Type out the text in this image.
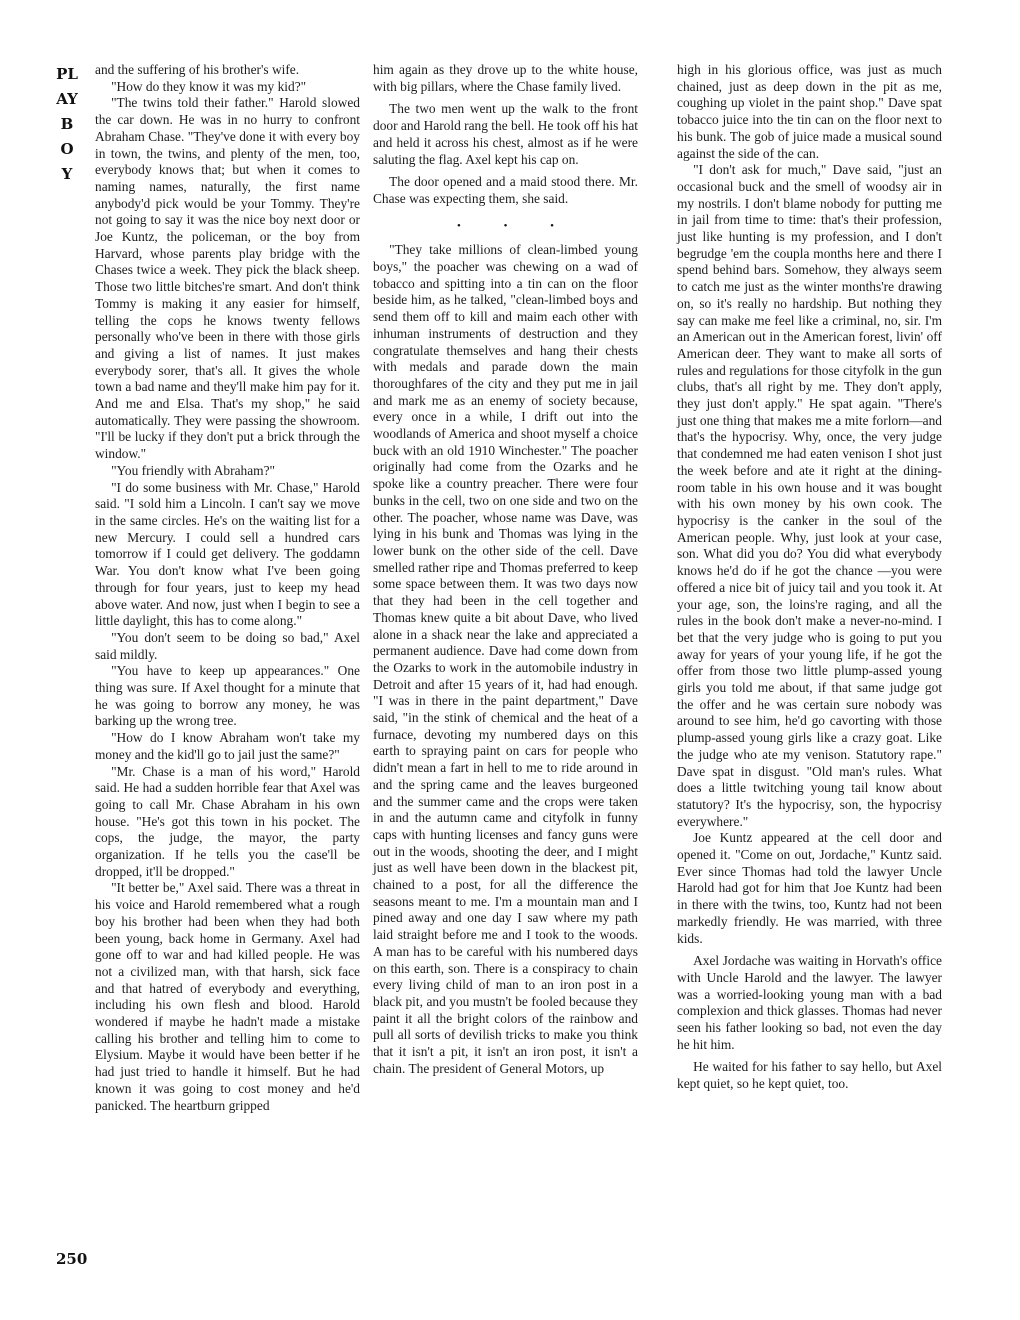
PLAYBOY
250

and the suffering of his brother's wife.

"How do they know it was my kid?"

"The twins told their father." Harold slowed the car down. He was in no hurry to confront Abraham Chase. "They've done it with every boy in town, the twins, and plenty of the men, too, everybody knows that; but when it comes to naming names, naturally, the first name anybody'd pick would be your Tommy. They're not going to say it was the nice boy next door or Joe Kuntz, the policeman, or the boy from Harvard, whose parents play bridge with the Chases twice a week. They pick the black sheep. Those two little bitches're smart. And don't think Tommy is making it any easier for himself, telling the cops he knows twenty fellows personally who've been in there with those girls and giving a list of names. It just makes everybody sorer, that's all. It gives the whole town a bad name and they'll make him pay for it. And me and Elsa. That's my shop," he said automatically. They were passing the showroom. "I'll be lucky if they don't put a brick through the window."

"You friendly with Abraham?"

"I do some business with Mr. Chase," Harold said. "I sold him a Lincoln. I can't say we move in the same circles. He's on the waiting list for a new Mercury. I could sell a hundred cars tomorrow if I could get delivery. The goddamn War. You don't know what I've been going through for four years, just to keep my head above water. And now, just when I begin to see a little daylight, this has to come along."

"You don't seem to be doing so bad," Axel said mildly.

"You have to keep up appearances." One thing was sure. If Axel thought for a minute that he was going to borrow any money, he was barking up the wrong tree.

"How do I know Abraham won't take my money and the kid'll go to jail just the same?"

"Mr. Chase is a man of his word," Harold said. He had a sudden horrible fear that Axel was going to call Mr. Chase Abraham in his own house. "He's got this town in his pocket. The cops, the judge, the mayor, the party organization. If he tells you the case'll be dropped, it'll be dropped."

"It better be," Axel said. There was a threat in his voice and Harold remembered what a rough boy his brother had been when they had both been young, back home in Germany. Axel had gone off to war and had killed people. He was not a civilized man, with that harsh, sick face and that hatred of everybody and everything, including his own flesh and blood. Harold wondered if maybe he hadn't made a mistake calling his brother and telling him to come to Elysium. Maybe it would have been better if he had just tried to handle it himself. But he had known it was going to cost money and he'd panicked. The heartburn gripped

him again as they drove up to the white house, with big pillars, where the Chase family lived.

The two men went up the walk to the front door and Harold rang the bell. He took off his hat and held it across his chest, almost as if he were saluting the flag. Axel kept his cap on.

The door opened and a maid stood there. Mr. Chase was expecting them, she said.

• • •

"They take millions of clean-limbed young boys," the poacher was chewing on a wad of tobacco and spitting into a tin can on the floor beside him, as he talked, "clean-limbed boys and send them off to kill and maim each other with inhuman instruments of destruction and they congratulate themselves and hang their chests with medals and parade down the main thoroughfares of the city and they put me in jail and mark me as an enemy of society because, every once in a while, I drift out into the woodlands of America and shoot myself a choice buck with an old 1910 Winchester." The poacher originally had come from the Ozarks and he spoke like a country preacher. There were four bunks in the cell, two on one side and two on the other. The poacher, whose name was Dave, was lying in his bunk and Thomas was lying in the lower bunk on the other side of the cell. Dave smelled rather ripe and Thomas preferred to keep some space between them. It was two days now that they had been in the cell together and Thomas knew quite a bit about Dave, who lived alone in a shack near the lake and appreciated a permanent audience. Dave had come down from the Ozarks to work in the automobile industry in Detroit and after 15 years of it, had had enough. "I was in there in the paint department," Dave said, "in the stink of chemical and the heat of a furnace, devoting my numbered days on this earth to spraying paint on cars for people who didn't mean a fart in hell to me to ride around in and the spring came and the leaves burgeoned and the summer came and the crops were taken in and the autumn came and cityfolk in funny caps with hunting licenses and fancy guns were out in the woods, shooting the deer, and I might just as well have been down in the blackest pit, chained to a post, for all the difference the seasons meant to me. I'm a mountain man and I pined away and one day I saw where my path laid straight before me and I took to the woods. A man has to be careful with his numbered days on this earth, son. There is a conspiracy to chain every living child of man to an iron post in a black pit, and you mustn't be fooled because they paint it all the bright colors of the rainbow and pull all sorts of devilish tricks to make you think that it isn't a pit, it isn't an iron post, it isn't a chain. The president of General Motors, up

high in his glorious office, was just as much chained, just as deep down in the pit as me, coughing up violet in the paint shop." Dave spat tobacco juice into the tin can on the floor next to his bunk. The gob of juice made a musical sound against the side of the can.

"I don't ask for much," Dave said, "just an occasional buck and the smell of woodsy air in my nostrils. I don't blame nobody for putting me in jail from time to time: that's their profession, just like hunting is my profession, and I don't begrudge 'em the coupla months here and there I spend behind bars. Somehow, they always seem to catch me just as the winter months're drawing on, so it's really no hardship. But nothing they say can make me feel like a criminal, no, sir. I'm an American out in the American forest, livin' off American deer. They want to make all sorts of rules and regulations for those cityfolk in the gun clubs, that's all right by me. They don't apply, they just don't apply." He spat again. "There's just one thing that makes me a mite forlorn—and that's the hypocrisy. Why, once, the very judge that condemned me had eaten venison I shot just the week before and ate it right at the dining-room table in his own house and it was bought with his own money by his own cook. The hypocrisy is the canker in the soul of the American people. Why, just look at your case, son. What did you do? You did what everybody knows he'd do if he got the chance —you were offered a nice bit of juicy tail and you took it. At your age, son, the loins're raging, and all the rules in the book don't make a never-no-mind. I bet that the very judge who is going to put you away for years of your young life, if he got the offer from those two little plump-assed young girls you told me about, if that same judge got the offer and he was certain sure nobody was around to see him, he'd go cavorting with those plump-assed young girls like a crazy goat. Like the judge who ate my venison. Statutory rape." Dave spat in disgust. "Old man's rules. What does a little twitching young tail know about statutory? It's the hypocrisy, son, the hypocrisy everywhere."

Joe Kuntz appeared at the cell door and opened it. "Come on out, Jordache," Kuntz said. Ever since Thomas had told the lawyer Uncle Harold had got for him that Joe Kuntz had been in there with the twins, too, Kuntz had not been markedly friendly. He was married, with three kids.

Axel Jordache was waiting in Horvath's office with Uncle Harold and the lawyer. The lawyer was a worried-looking young man with a bad complexion and thick glasses. Thomas had never seen his father looking so bad, not even the day he hit him.

He waited for his father to say hello, but Axel kept quiet, so he kept quiet, too.
